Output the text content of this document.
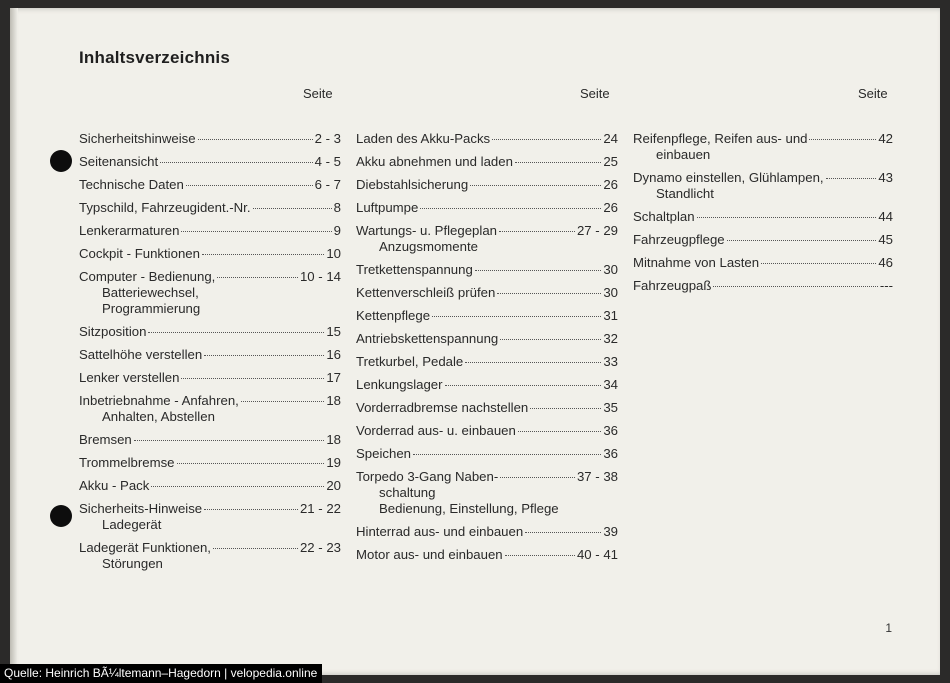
Inhaltsverzeichnis
Seite	Seite	Seite
Sicherheitshinweise	2 - 3
Seitenansicht	4 - 5
Technische Daten	6 - 7
Typschild, Fahrzeugident.-Nr.	8
Lenkerarmaturen	9
Cockpit - Funktionen	10
Computer - Bedienung,	10 - 14
Batteriewechsel,
Programmierung
Sitzposition	15
Sattelhöhe verstellen	16
Lenker verstellen	17
Inbetriebnahme - Anfahren,	18
Anhalten, Abstellen
Bremsen	18
Trommelbremse	19
Akku - Pack	20
Sicherheits-Hinweise	21 - 22
Ladegerät
Ladegerät Funktionen,	22 - 23
Störungen
Laden des Akku-Packs	24
Akku abnehmen und laden	25
Diebstahlsicherung	26
Luftpumpe	26
Wartungs- u. Pflegeplan	27 - 29
Anzugsmomente
Tretkettenspannung	30
Kettenverschleiß prüfen	30
Kettenpflege	31
Antriebskettenspannung	32
Tretkurbel, Pedale	33
Lenkungslager	34
Vorderradbremse nachstellen	35
Vorderrad aus- u. einbauen	36
Speichen	36
Torpedo 3-Gang Naben-	37 - 38
schaltung
Bedienung, Einstellung, Pflege
Hinterrad aus- und einbauen	39
Motor aus- und einbauen	40 - 41
Reifenpflege, Reifen aus- und	42
einbauen
Dynamo einstellen, Glühlampen,	43
Standlicht
Schaltplan	44
Fahrzeugpflege	45
Mitnahme von Lasten	46
Fahrzeugpaß	---
1
Quelle: Heinrich BÃ¼ltemann–Hagedorn | velopedia.online
